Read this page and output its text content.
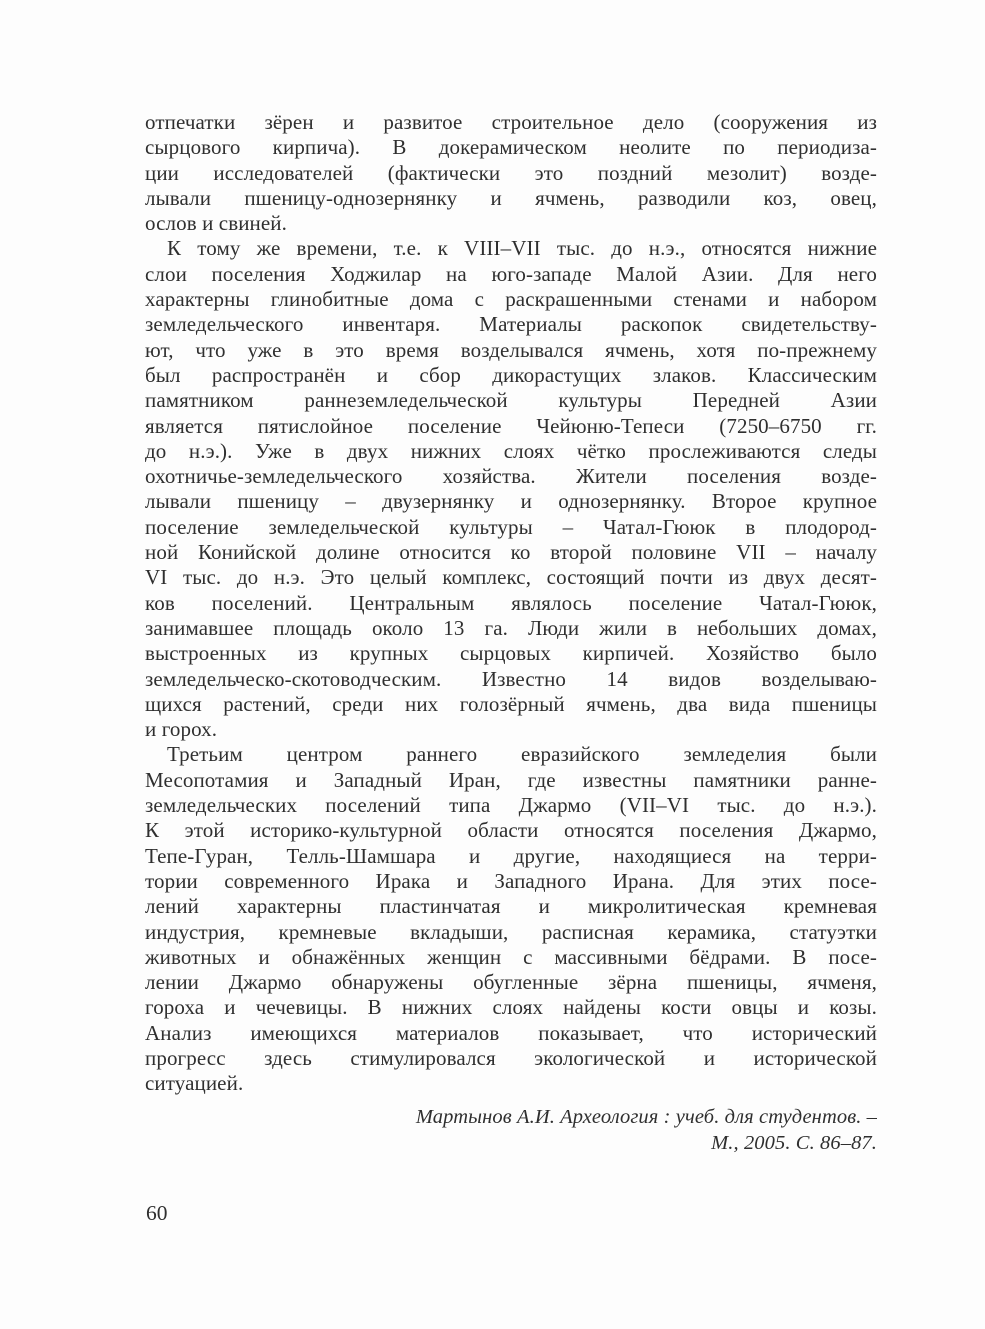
отпечатки зёрен и развитое строительное дело (сооружения из
сырцового кирпича). В докерамическом неолите по периодиза-
ции исследователей (фактически это поздний мезолит) возде-
лывали пшеницу-однозернянку и ячмень, разводили коз, овец,
ослов и свиней.

К тому же времени, т.е. к VIII–VII тыс. до н.э., относятся нижние
слои поселения Ходжилар на юго-западе Малой Азии. Для него
характерны глинобитные дома с раскрашенными стенами и набором
земледельческого инвентаря. Материалы раскопок свидетельству-
ют, что уже в это время возделывался ячмень, хотя по-прежнему
был распространён и сбор дикорастущих злаков. Классическим
памятником раннеземледельческой культуры Передней Азии
является пятислойное поселение Чейюню-Тепеси (7250–6750 гг.
до н.э.). Уже в двух нижних слоях чётко прослеживаются следы
охотничье-земледельческого хозяйства. Жители поселения возде-
лывали пшеницу – двузернянку и однозернянку. Второе крупное
поселение земледельческой культуры – Чатал-Гююк в плодород-
ной Конийской долине относится ко второй половине VII – началу
VI тыс. до н.э. Это целый комплекс, состоящий почти из двух десят-
ков поселений. Центральным являлось поселение Чатал-Гююк,
занимавшее площадь около 13 га. Люди жили в небольших домах,
выстроенных из крупных сырцовых кирпичей. Хозяйство было
земледельческо-скотоводческим. Известно 14 видов возделываю-
щихся растений, среди них голозёрный ячмень, два вида пшеницы
и горох.

Третьим центром раннего евразийского земледелия были
Месопотамия и Западный Иран, где известны памятники ранне-
земледельческих поселений типа Джармо (VII–VI тыс. до н.э.).
К этой историко-культурной области относятся поселения Джармо,
Тепе-Гуран, Телль-Шамшара и другие, находящиеся на терри-
тории современного Ирака и Западного Ирана. Для этих посе-
лений характерны пластинчатая и микролитическая кремневая
индустрия, кремневые вкладыши, расписная керамика, статуэтки
животных и обнажённых женщин с массивными бёдрами. В посе-
лении Джармо обнаружены обугленные зёрна пшеницы, ячменя,
гороха и чечевицы. В нижних слоях найдены кости овцы и козы.
Анализ имеющихся материалов показывает, что исторический
прогресс здесь стимулировался экологической и исторической
ситуацией.

Мартынов А.И. Археология : учеб. для студентов. –
М., 2005. С. 86–87.
60
